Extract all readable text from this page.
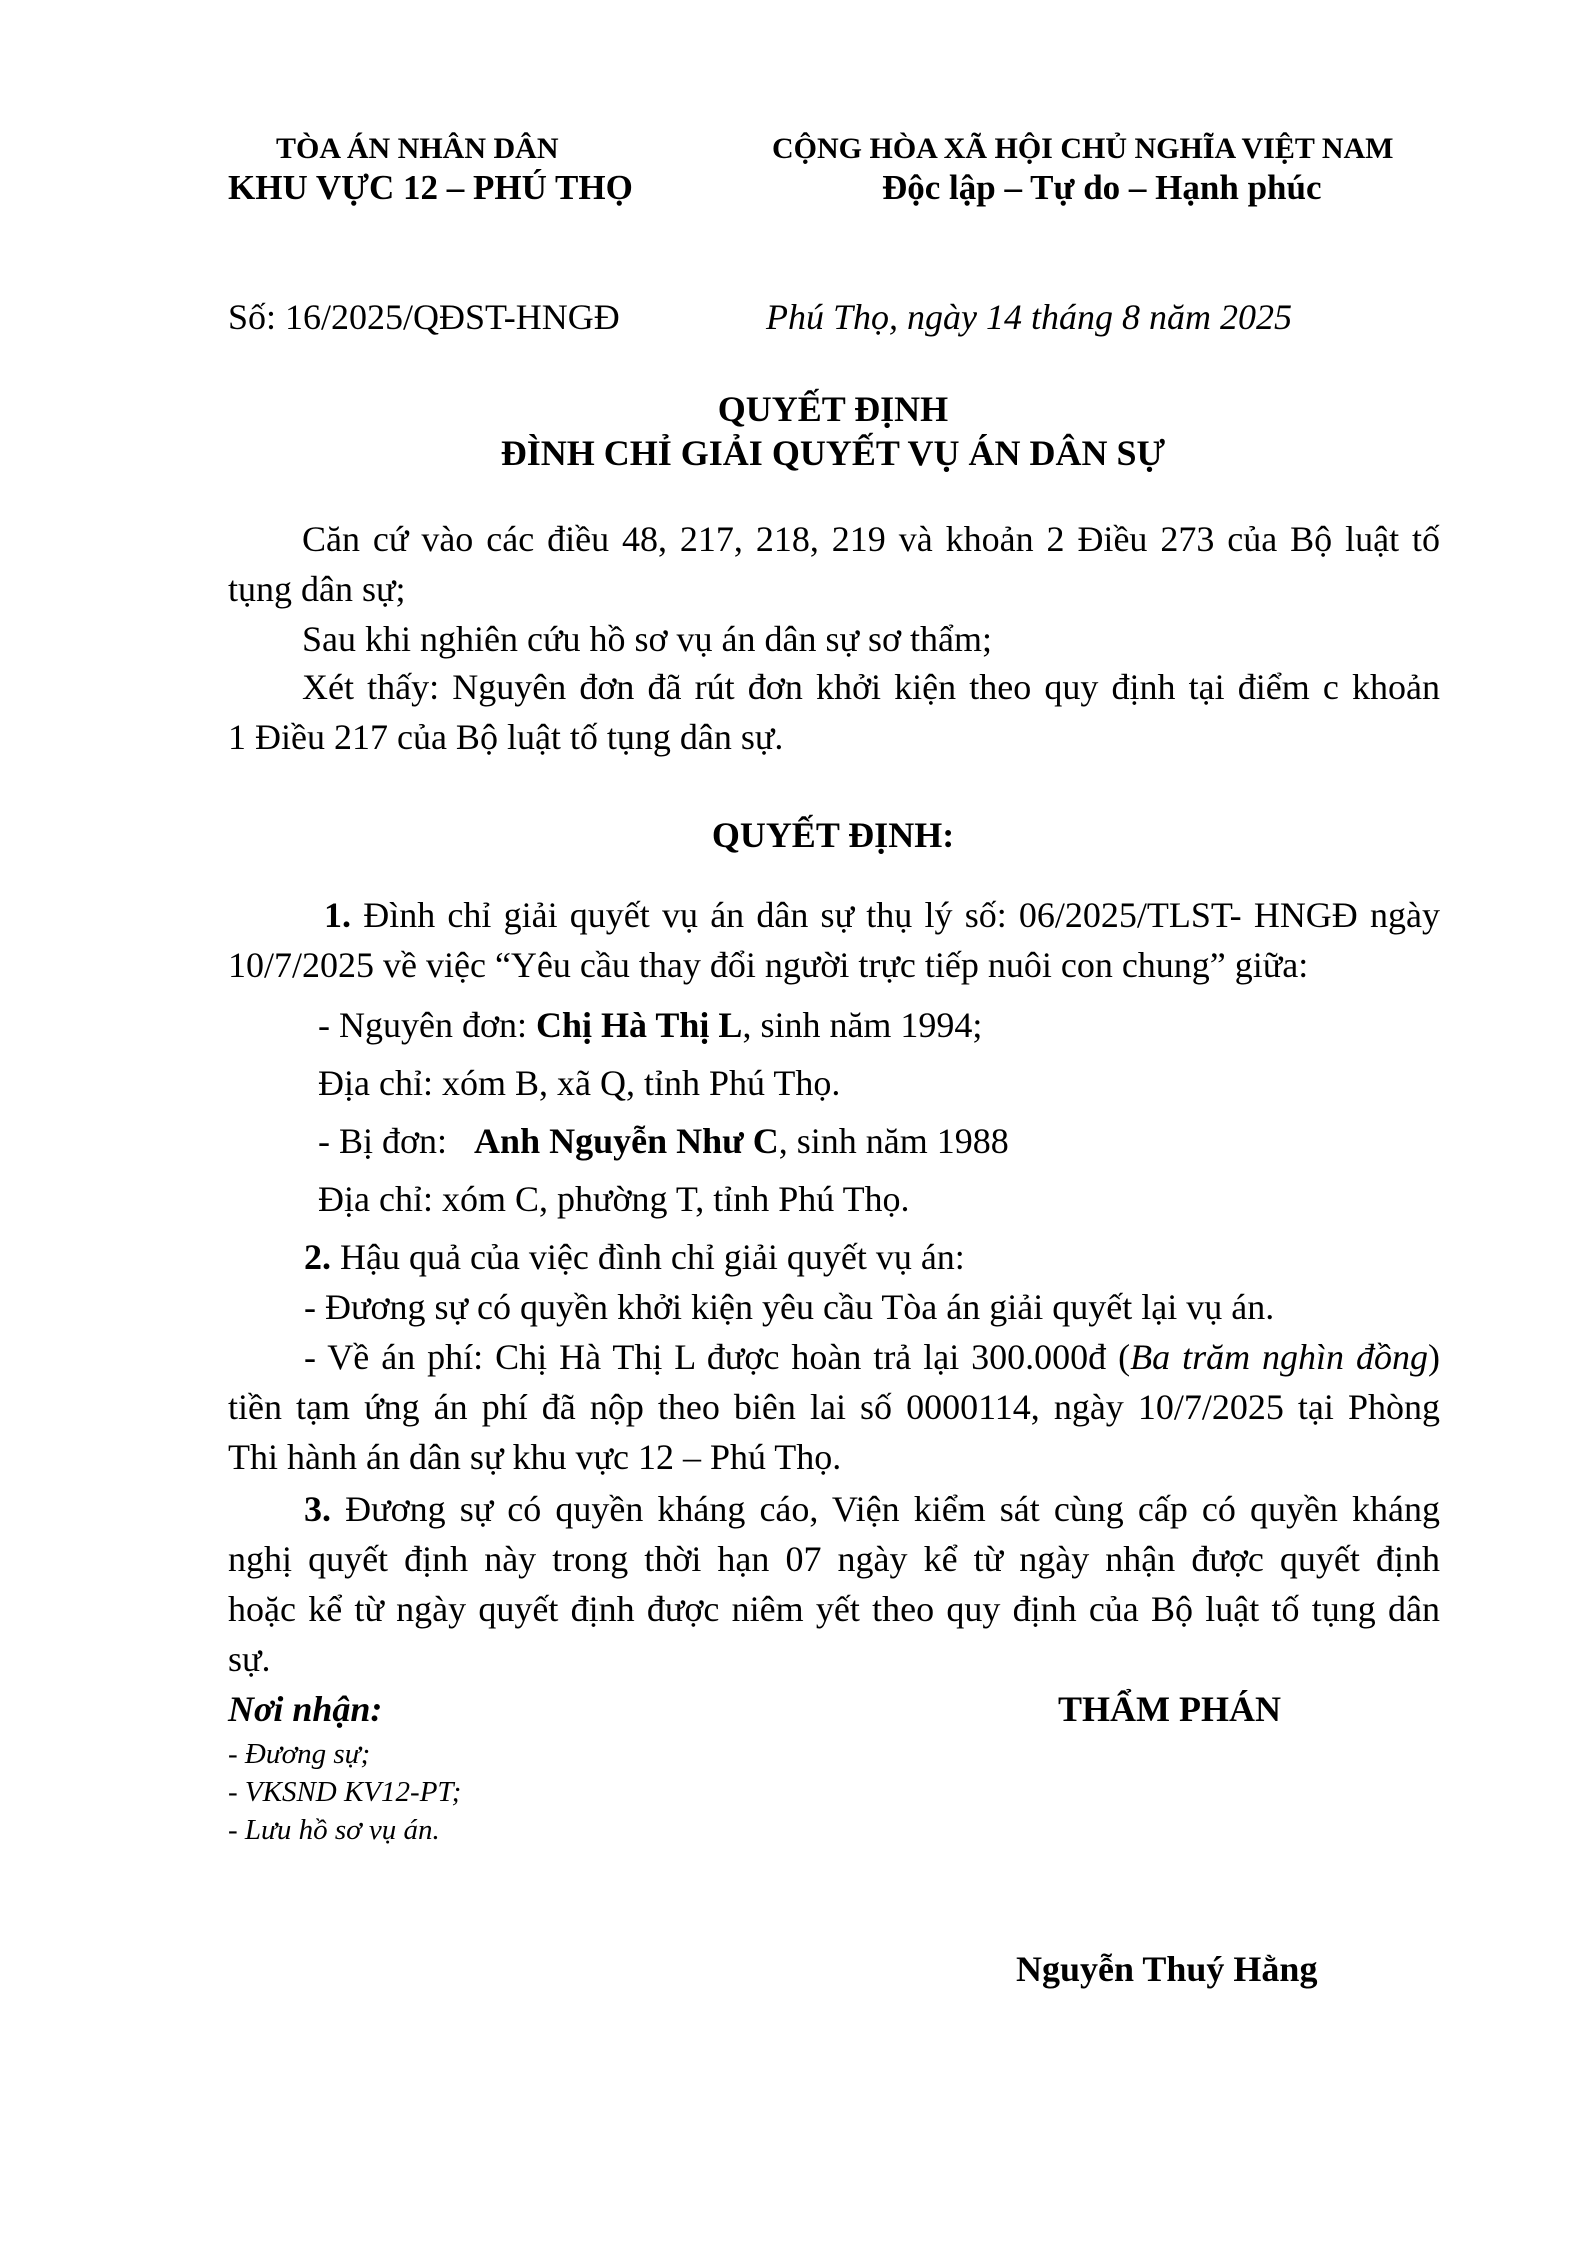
TÒA ÁN NHÂN DÂN
KHU VỰC 12 – PHÚ THỌ
CỘNG HÒA XÃ HỘI CHỦ NGHĨA VIỆT NAM
Độc lập – Tự do – Hạnh phúc
Số: 16/2025/QĐST-HNGĐ	Phú Thọ, ngày 14 tháng 8 năm 2025
QUYẾT ĐỊNH
ĐÌNH CHỈ GIẢI QUYẾT VỤ ÁN DÂN SỰ
Căn cứ vào các điều 48, 217, 218, 219 và khoản 2 Điều 273 của Bộ luật tố
tụng dân sự;
Sau khi nghiên cứu hồ sơ vụ án dân sự sơ thẩm;
Xét thấy: Nguyên đơn đã rút đơn khởi kiện theo quy định tại điểm c khoản
1 Điều 217 của Bộ luật tố tụng dân sự.
QUYẾT ĐỊNH:
1. Đình chỉ giải quyết vụ án dân sự thụ lý số: 06/2025/TLST- HNGĐ ngày
10/7/2025 về việc “Yêu cầu thay đổi người trực tiếp nuôi con chung” giữa:
- Nguyên đơn: Chị Hà Thị L, sinh năm 1994;
Địa chỉ: xóm B, xã Q, tỉnh Phú Thọ.
- Bị đơn:   Anh Nguyễn Như C, sinh năm 1988
Địa chỉ: xóm C, phường T, tỉnh Phú Thọ.
2. Hậu quả của việc đình chỉ giải quyết vụ án:
- Đương sự có quyền khởi kiện yêu cầu Tòa án giải quyết lại vụ án.
- Về án phí: Chị Hà Thị L được hoàn trả lại 300.000đ (Ba trăm nghìn đồng)
tiền tạm ứng án phí đã nộp theo biên lai số 0000114, ngày 10/7/2025 tại Phòng
Thi hành án dân sự khu vực 12 – Phú Thọ.
3. Đương sự có quyền kháng cáo, Viện kiểm sát cùng cấp có quyền kháng
nghị quyết định này trong thời hạn 07 ngày kể từ ngày nhận được quyết định
hoặc kể từ ngày quyết định được niêm yết theo quy định của Bộ luật tố tụng dân
sự.
Nơi nhận:
- Đương sự;
- VKSND KV12-PT;
- Lưu hồ sơ vụ án.
THẨM PHÁN
Nguyễn Thuý Hằng
